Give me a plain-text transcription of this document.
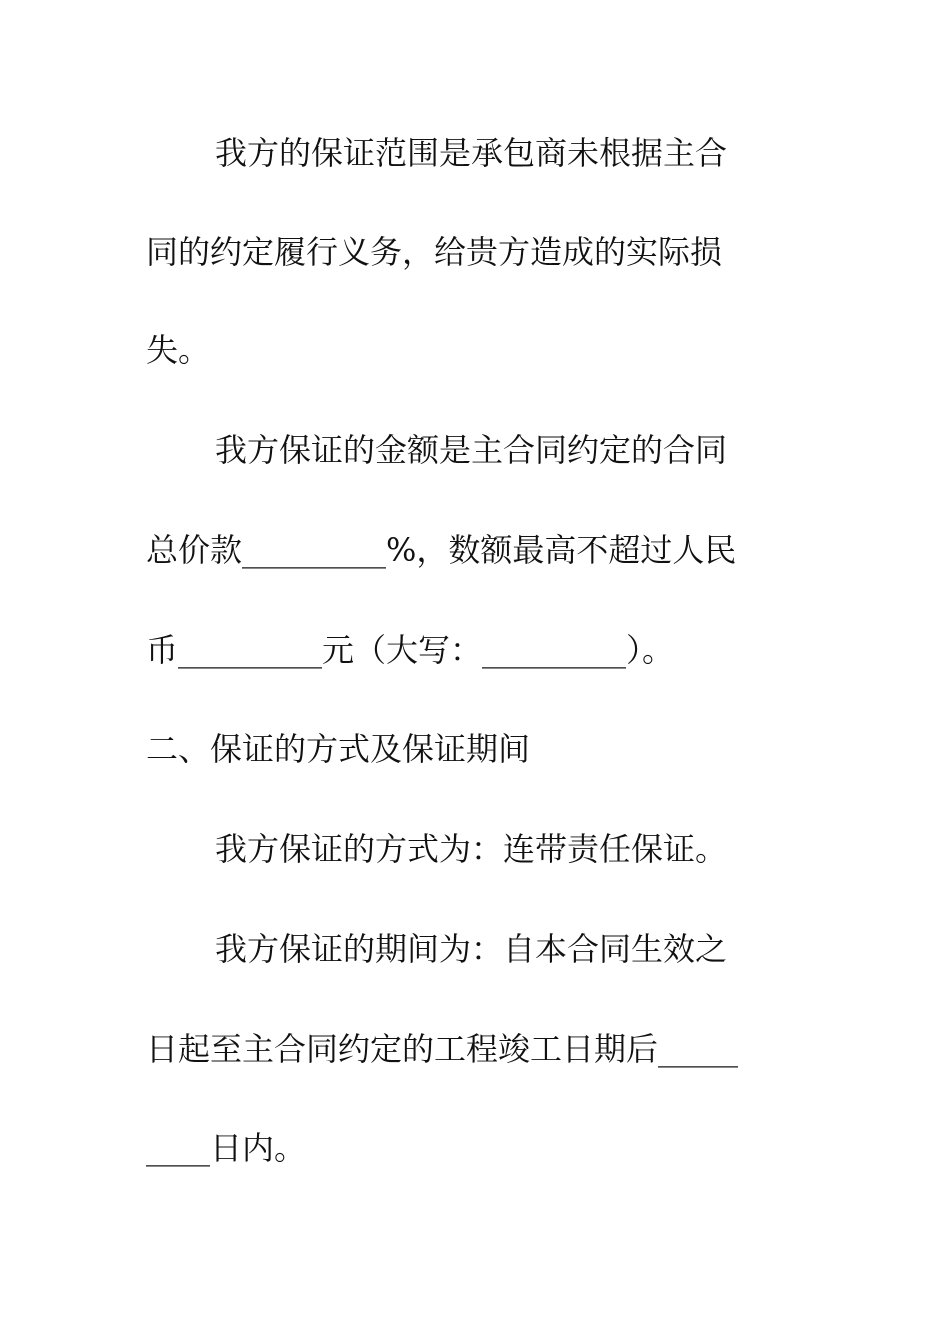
我方的保证范围是承包商未根据主合
同的约定履行义务，给贵方造成的实际损
失。
我方保证的金额是主合同约定的合同
总价款_________%，数额最高不超过人民
币_________元（大写：_________）。
二、保证的方式及保证期间
我方保证的方式为：连带责任保证。
我方保证的期间为：自本合同生效之
日起至主合同约定的工程竣工日期后_____
____日内。
